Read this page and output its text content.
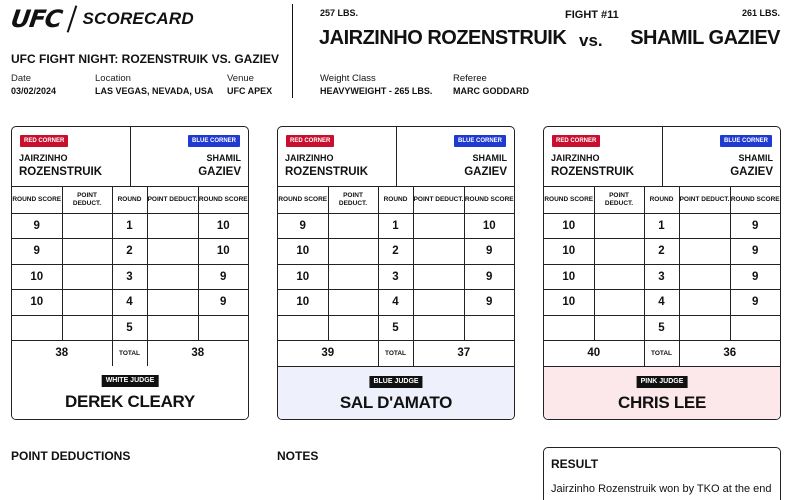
UFC SCORECARD
UFC FIGHT NIGHT: ROZENSTRUIK VS. GAZIEV
Date
03/02/2024
Location
LAS VEGAS, NEVADA, USA
Venue
UFC APEX
257 LBS.	FIGHT #11	261 LBS.
JAIRZINHO ROZENSTRUIK vs. SHAMIL GAZIEV
Weight Class
HEAVYWEIGHT - 265 LBS.
Referee
MARC GODDARD
RED CORNER	BLUE CORNER
JAIRZINHO
ROZENSTRUIK
SHAMIL
GAZIEV
ROUND SCORE	POINT DEDUCT.	ROUND	POINT DEDUCT.	ROUND SCORE
9		1		10
9		2		10
10		3		9
10		4		9
		5		
38		TOTAL	38	
WHITE JUDGE
DEREK CLEARY
RED CORNER	BLUE CORNER
JAIRZINHO
ROZENSTRUIK
SHAMIL
GAZIEV
ROUND SCORE	POINT DEDUCT.	ROUND	POINT DEDUCT.	ROUND SCORE
9		1		10
10		2		9
10		3		9
10		4		9
		5		
39		TOTAL	37	
BLUE JUDGE
SAL D'AMATO
RED CORNER	BLUE CORNER
JAIRZINHO
ROZENSTRUIK
SHAMIL
GAZIEV
ROUND SCORE	POINT DEDUCT.	ROUND	POINT DEDUCT.	ROUND SCORE
10		1		9
10		2		9
10		3		9
10		4		9
		5		
40		TOTAL	36	
PINK JUDGE
CHRIS LEE
POINT DEDUCTIONS	NOTES
RESULT
Jairzinho Rozenstruik won by TKO at the end
